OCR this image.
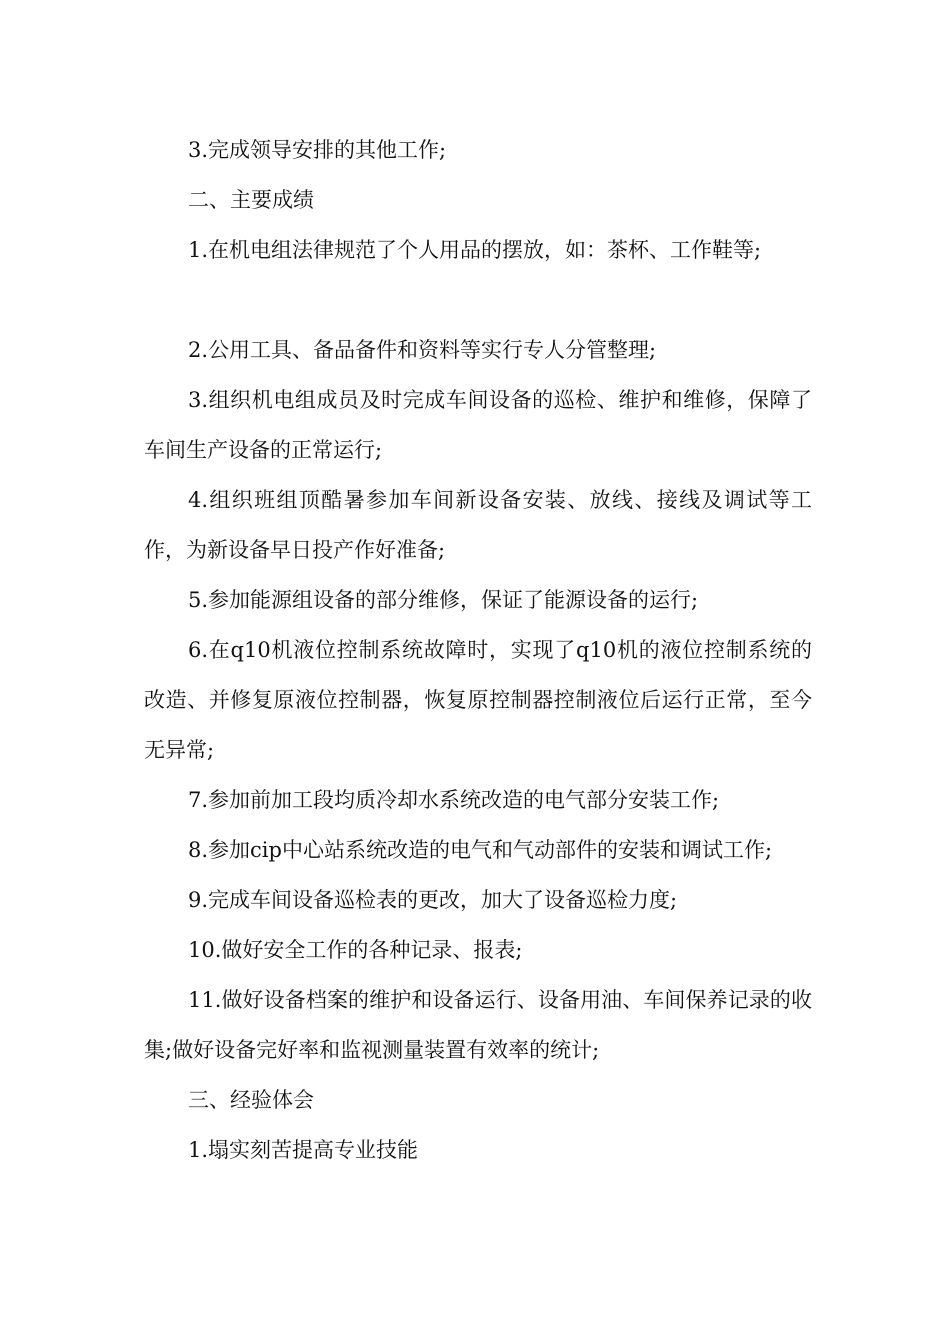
3.完成领导安排的其他工作;

二、主要成绩

1.在机电组法律规范了个人用品的摆放，如：茶杯、工作鞋等;

2.公用工具、备品备件和资料等实行专人分管整理;

3.组织机电组成员及时完成车间设备的巡检、维护和维修，保障了车间生产设备的正常运行;

4.组织班组顶酷暑参加车间新设备安装、放线、接线及调试等工作，为新设备早日投产作好准备;

5.参加能源组设备的部分维修，保证了能源设备的运行;

6.在q10机液位控制系统故障时，实现了q10机的液位控制系统的改造、并修复原液位控制器，恢复原控制器控制液位后运行正常，至今无异常;

7.参加前加工段均质冷却水系统改造的电气部分安装工作;

8.参加cip中心站系统改造的电气和气动部件的安装和调试工作;

9.完成车间设备巡检表的更改，加大了设备巡检力度;

10.做好安全工作的各种记录、报表;

11.做好设备档案的维护和设备运行、设备用油、车间保养记录的收集;做好设备完好率和监视测量装置有效率的统计;

三、经验体会

1.塌实刻苦提高专业技能
